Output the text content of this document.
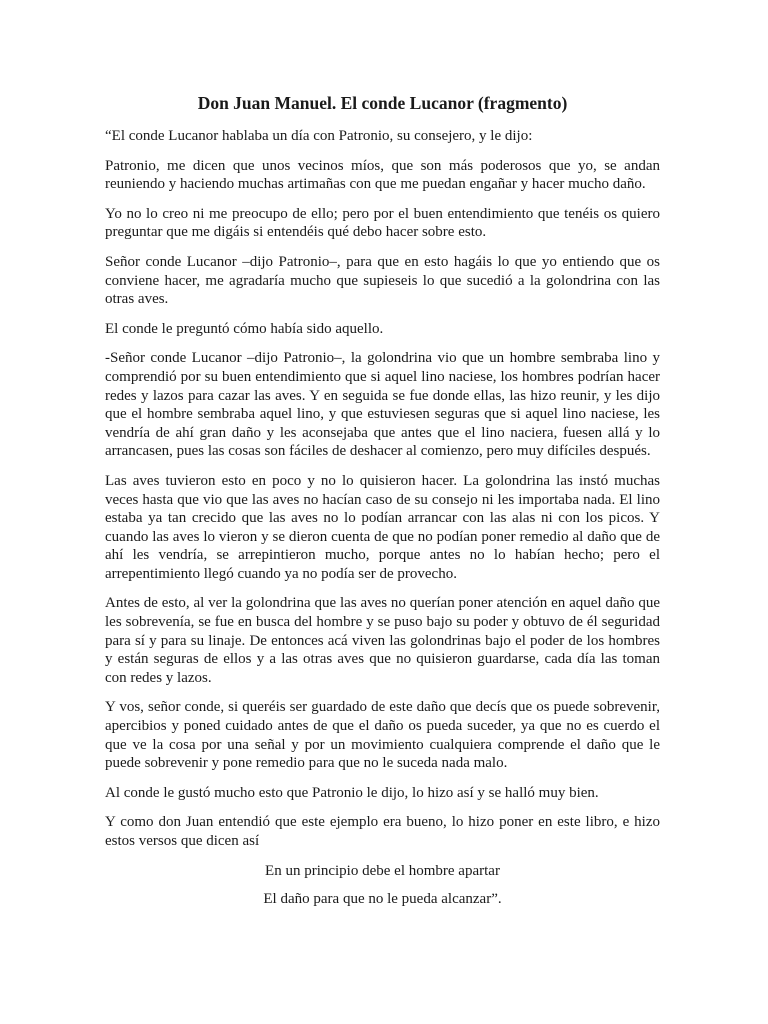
Don Juan Manuel. El conde Lucanor (fragmento)

“El conde Lucanor hablaba un día con Patronio, su consejero, y le dijo:

Patronio, me dicen que unos vecinos míos, que son más poderosos que yo, se andan reuniendo y haciendo muchas artimañas con que me puedan engañar y hacer mucho daño.

Yo no lo creo ni me preocupo de ello; pero por el buen entendimiento que tenéis os quiero preguntar que me digáis si entendéis qué debo hacer sobre esto.

Señor conde Lucanor –dijo Patronio–, para que en esto hagáis lo que yo entiendo que os conviene hacer, me agradaría mucho que supieseis lo que sucedió a la golondrina con las otras aves.

El conde le preguntó cómo había sido aquello.

-Señor conde Lucanor –dijo Patronio–, la golondrina vio que un hombre sembraba lino y comprendió por su buen entendimiento que si aquel lino naciese, los hombres podrían hacer redes y lazos para cazar las aves. Y en seguida se fue donde ellas, las hizo reunir, y les dijo que el hombre sembraba aquel lino, y que estuviesen seguras que si aquel lino naciese, les vendría de ahí gran daño y les aconsejaba que antes que el lino naciera, fuesen allá y lo arrancasen, pues las cosas son fáciles de deshacer al comienzo, pero muy difíciles después.

Las aves tuvieron esto en poco y no lo quisieron hacer. La golondrina las instó muchas veces hasta que vio que las aves no hacían caso de su consejo ni les importaba nada. El lino estaba ya tan crecido que las aves no lo podían arrancar con las alas ni con los picos. Y cuando las aves lo vieron y se dieron cuenta de que no podían poner remedio al daño que de ahí les vendría, se arrepintieron mucho, porque antes no lo habían hecho; pero el arrepentimiento llegó cuando ya no podía ser de provecho.

Antes de esto, al ver la golondrina que las aves no querían poner atención en aquel daño que les sobrevenía, se fue en busca del hombre y se puso bajo su poder y obtuvo de él seguridad para sí y para su linaje. De entonces acá viven las golondrinas bajo el poder de los hombres y están seguras de ellos y a las otras aves que no quisieron guardarse, cada día las toman con redes y lazos.

Y vos, señor conde, si queréis ser guardado de este daño que decís que os puede sobrevenir, apercibios y poned cuidado antes de que el daño os pueda suceder, ya que no es cuerdo el que ve la cosa por una señal y por un movimiento cualquiera comprende el daño que le puede sobrevenir y pone remedio para que no le suceda nada malo.

Al conde le gustó mucho esto que Patronio le dijo, lo hizo así y se halló muy bien.

Y como don Juan entendió que este ejemplo era bueno, lo hizo poner en este libro, e hizo estos versos que dicen así

En un principio debe el hombre apartar

El daño para que no le pueda alcanzar”.
